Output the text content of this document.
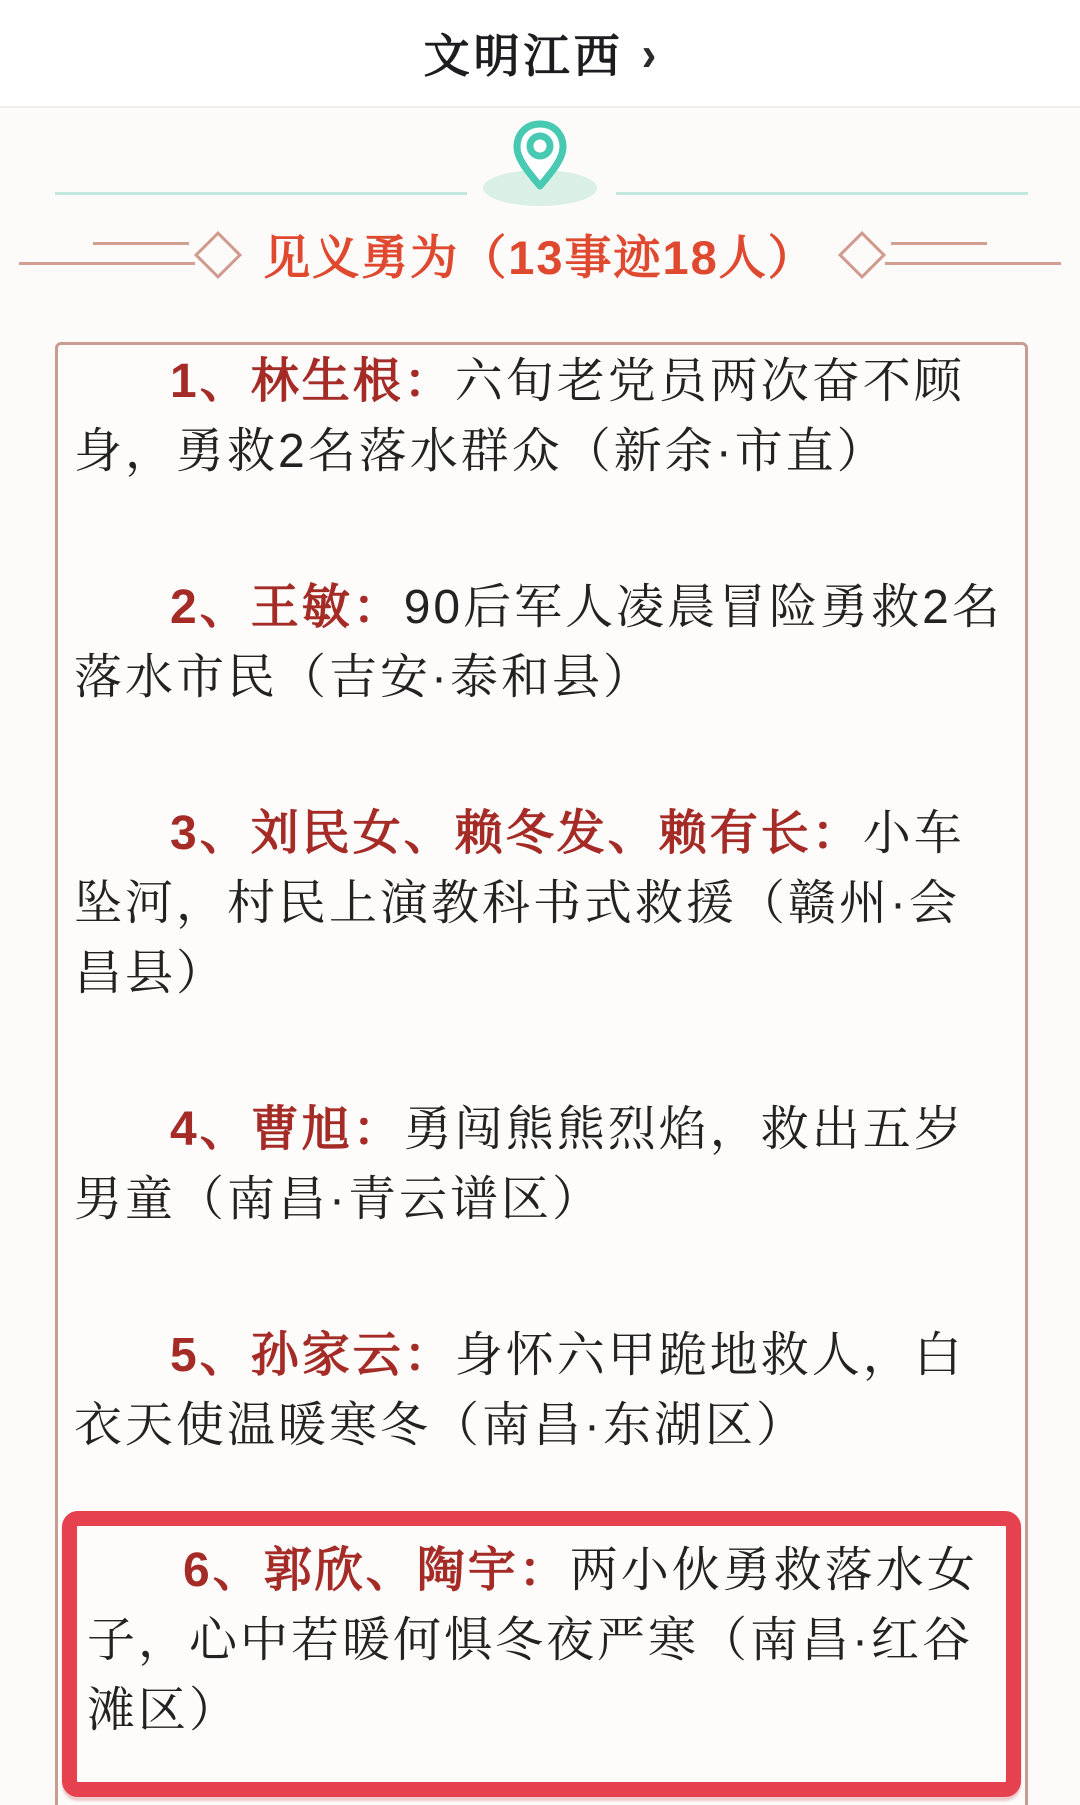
文明江西 ›
见义勇为（13事迹18人）

1、林生根：六旬老党员两次奋不顾身，勇救2名落水群众（新余·市直）

2、王敏：90后军人凌晨冒险勇救2名落水市民（吉安·泰和县）

3、刘民女、赖冬发、赖有长：小车坠河，村民上演教科书式救援（赣州·会昌县）

4、曹旭：勇闯熊熊烈焰，救出五岁男童（南昌·青云谱区）

5、孙家云：身怀六甲跪地救人，白衣天使温暖寒冬（南昌·东湖区）

6、郭欣、陶宇：两小伙勇救落水女子，心中若暖何惧冬夜严寒（南昌·红谷滩区）
